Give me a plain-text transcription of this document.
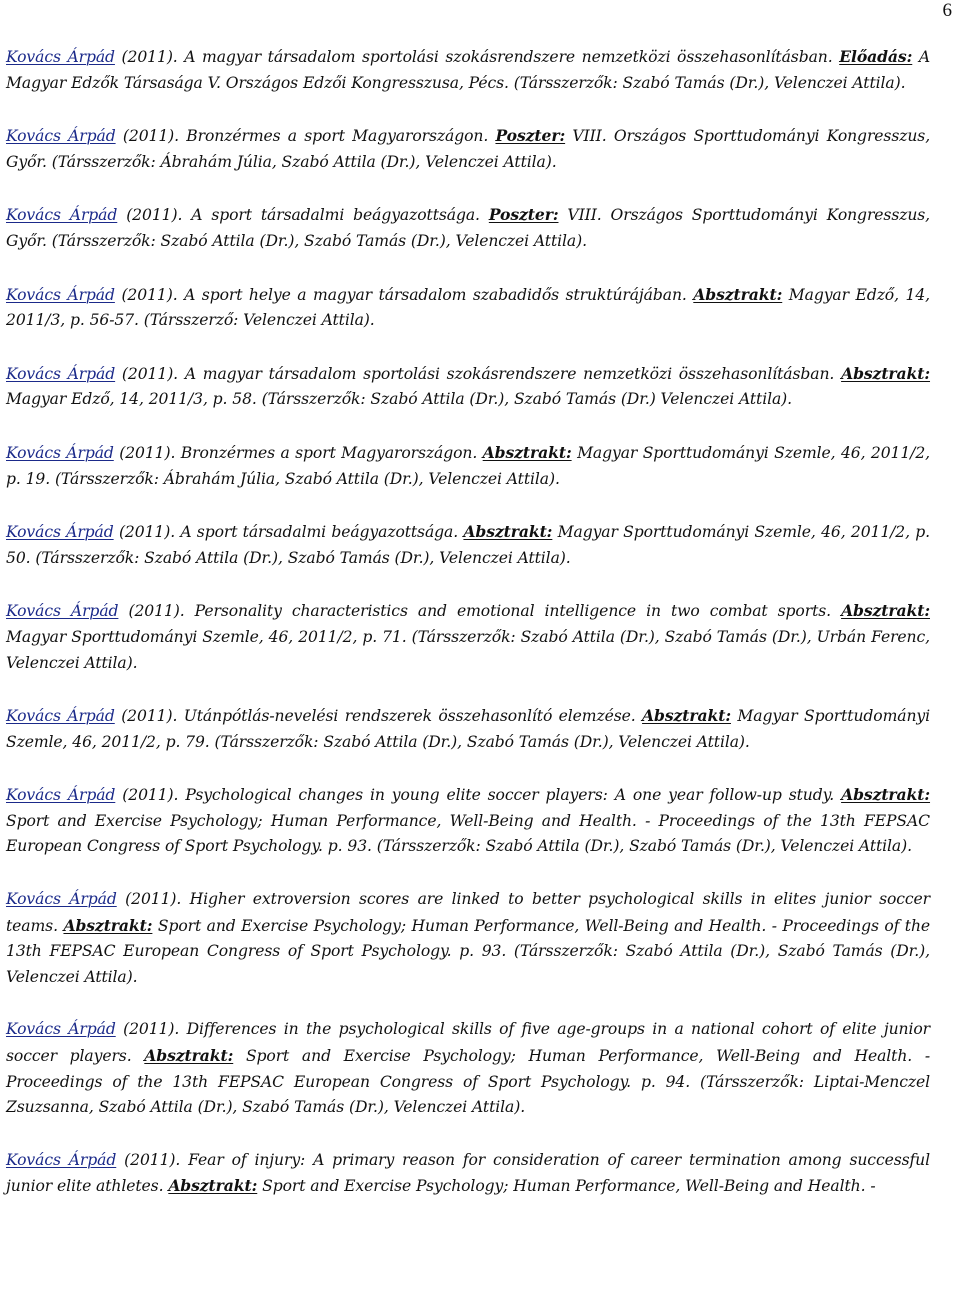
6

Kovács Árpád (2011). A magyar társadalom sportolási szokásrendszere nemzetközi összehasonlításban. Előadás: A Magyar Edzők Társasága V. Országos Edzői Kongresszusa, Pécs. (Társszerzők: Szabó Tamás (Dr.), Velenczei Attila).

Kovács Árpád (2011). Bronzérmes a sport Magyarországon. Poszter: VIII. Országos Sporttudományi Kongresszus, Győr. (Társszerzők: Ábrahám Júlia, Szabó Attila (Dr.), Velenczei Attila).

Kovács Árpád (2011). A sport társadalmi beágyazottsága. Poszter: VIII. Országos Sporttudományi Kongresszus, Győr. (Társszerzők: Szabó Attila (Dr.), Szabó Tamás (Dr.), Velenczei Attila).

Kovács Árpád (2011). A sport helye a magyar társadalom szabadidős struktúrájában. Absztrakt: Magyar Edző, 14, 2011/3, p. 56-57. (Társszerző: Velenczei Attila).

Kovács Árpád (2011). A magyar társadalom sportolási szokásrendszere nemzetközi összehasonlításban. Absztrakt: Magyar Edző, 14, 2011/3, p. 58. (Társszerzők: Szabó Attila (Dr.), Szabó Tamás (Dr.) Velenczei Attila).

Kovács Árpád (2011). Bronzérmes a sport Magyarországon. Absztrakt: Magyar Sporttudományi Szemle, 46, 2011/2, p. 19. (Társszerzők: Ábrahám Júlia, Szabó Attila (Dr.), Velenczei Attila).

Kovács Árpád (2011). A sport társadalmi beágyazottsága. Absztrakt: Magyar Sporttudományi Szemle, 46, 2011/2, p. 50. (Társszerzők: Szabó Attila (Dr.), Szabó Tamás (Dr.), Velenczei Attila).

Kovács Árpád (2011). Personality characteristics and emotional intelligence in two combat sports. Absztrakt: Magyar Sporttudományi Szemle, 46, 2011/2, p. 71. (Társszerzők: Szabó Attila (Dr.), Szabó Tamás (Dr.), Urbán Ferenc, Velenczei Attila).

Kovács Árpád (2011). Utánpótlás-nevelési rendszerek összehasonlító elemzése. Absztrakt: Magyar Sporttudományi Szemle, 46, 2011/2, p. 79. (Társszerzők: Szabó Attila (Dr.), Szabó Tamás (Dr.), Velenczei Attila).

Kovács Árpád (2011). Psychological changes in young elite soccer players: A one year follow-up study. Absztrakt: Sport and Exercise Psychology; Human Performance, Well-Being and Health. - Proceedings of the 13th FEPSAC European Congress of Sport Psychology. p. 93. (Társszerzők: Szabó Attila (Dr.), Szabó Tamás (Dr.), Velenczei Attila).

Kovács Árpád (2011). Higher extroversion scores are linked to better psychological skills in elites junior soccer teams. Absztrakt: Sport and Exercise Psychology; Human Performance, Well-Being and Health. - Proceedings of the 13th FEPSAC European Congress of Sport Psychology. p. 93. (Társszerzők: Szabó Attila (Dr.), Szabó Tamás (Dr.), Velenczei Attila).

Kovács Árpád (2011). Differences in the psychological skills of five age-groups in a national cohort of elite junior soccer players. Absztrakt: Sport and Exercise Psychology; Human Performance, Well-Being and Health. - Proceedings of the 13th FEPSAC European Congress of Sport Psychology. p. 94. (Társszerzők: Liptai-Menczel Zsuzsanna, Szabó Attila (Dr.), Szabó Tamás (Dr.), Velenczei Attila).

Kovács Árpád (2011). Fear of injury: A primary reason for consideration of career termination among successful junior elite athletes. Absztrakt: Sport and Exercise Psychology; Human Performance, Well-Being and Health. -
